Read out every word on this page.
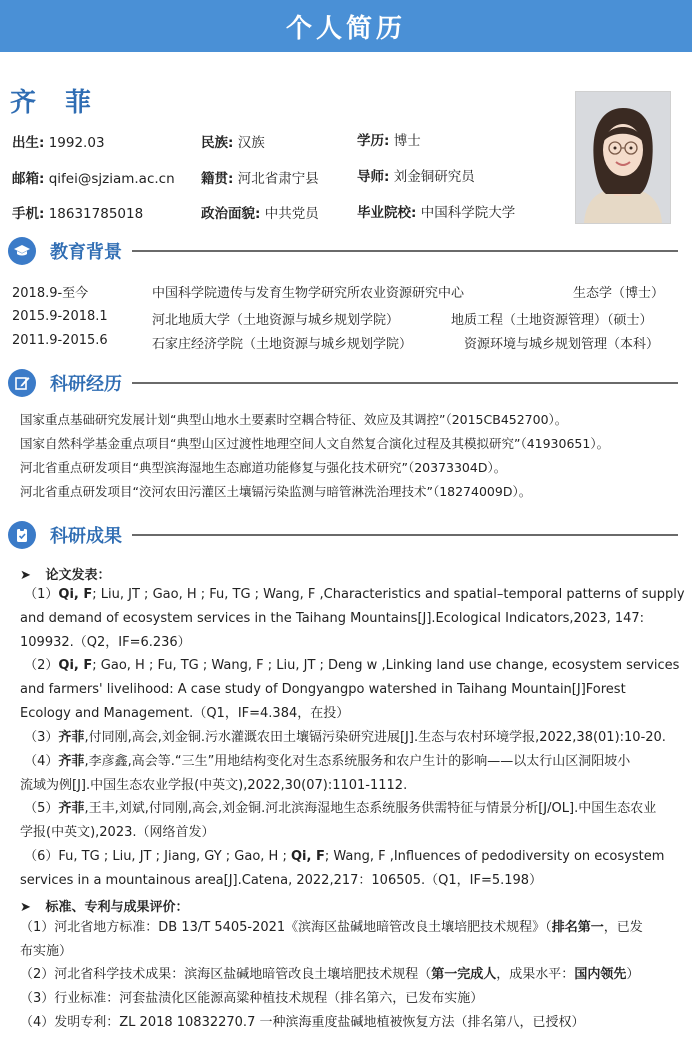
个人简历
齐 菲
出生: 1992.03	民族: 汉族	学历: 博士
邮箱: qifei@sjziam.ac.cn 籍贯: 河北省肃宁县	导师: 刘金铜研究员
手机: 18631785018	政治面貌: 中共党员	毕业院校: 中国科学院大学
教育背景
2018.9-至今	中国科学院遗传与发育生物学研究所农业资源研究中心	生态学（博士）
2015.9-2018.1	河北地质大学（土地资源与城乡规划学院）	地质工程（土地资源管理）（硕士）
2011.9-2015.6	石家庄经济学院（土地资源与城乡规划学院）	资源环境与城乡规划管理（本科）
科研经历
国家重点基础研究发展计划“典型山地水土要素时空耦合特征、效应及其调控”（2015CB452700）。
国家自然科学基金重点项目“典型山区过渡性地理空间人文自然复合演化过程及其模拟研究”（41930651）。
河北省重点研发项目“典型滨海湿地生态廊道功能修复与强化技术研究”（20373304D）。
河北省重点研发项目“洨河农田污灌区土壤镉污染监测与暗管淋洗治理技术”（18274009D）。
科研成果
➤ 论文发表：
（1）Qi, F; Liu, JT ; Gao, H ; Fu, TG ; Wang, F ,Characteristics and spatial–temporal patterns of supply
and demand of ecosystem services in the Taihang Mountains[J].Ecological Indicators,2023, 147:
109932.（Q2，IF=6.236）
（2）Qi, F; Gao, H ; Fu, TG ; Wang, F ; Liu, JT ; Deng w ,Linking land use change, ecosystem services
and farmers' livelihood: A case study of Dongyangpo watershed in Taihang Mountain[J]Forest
Ecology and Management.（Q1，IF=4.384，在投）
（3）齐菲,付同刚,高会,刘金铜.污水灌溉农田土壤镉污染研究进展[J].生态与农村环境学报,2022,38(01):10-20.
（4）齐菲,李彦鑫,高会等.“三生”用地结构变化对生态系统服务和农户生计的影响——以太行山区洞阳坡小
流域为例[J].中国生态农业学报(中英文),2022,30(07):1101-1112.
（5）齐菲,王丰,刘斌,付同刚,高会,刘金铜.河北滨海湿地生态系统服务供需特征与情景分析[J/OL].中国生态农业
学报(中英文),2023.（网络首发）
（6）Fu, TG ; Liu, JT ; Jiang, GY ; Gao, H ; Qi, F; Wang, F ,Influences of pedodiversity on ecosystem
services in a mountainous area[J].Catena, 2022,217：106505.（Q1，IF=5.198）
➤ 标准、专利与成果评价：
（1）河北省地方标准：DB 13/T 5405-2021《滨海区盐碱地暗管改良土壤培肥技术规程》（排名第一，已发
布实施）
（2）河北省科学技术成果：滨海区盐碱地暗管改良土壤培肥技术规程（第一完成人，成果水平：国内领先）
（3）行业标准：河套盐渍化区能源高粱种植技术规程（排名第六，已发布实施）
（4）发明专利：ZL 2018 10832270.7 一种滨海重度盐碱地植被恢复方法（排名第八，已授权）
